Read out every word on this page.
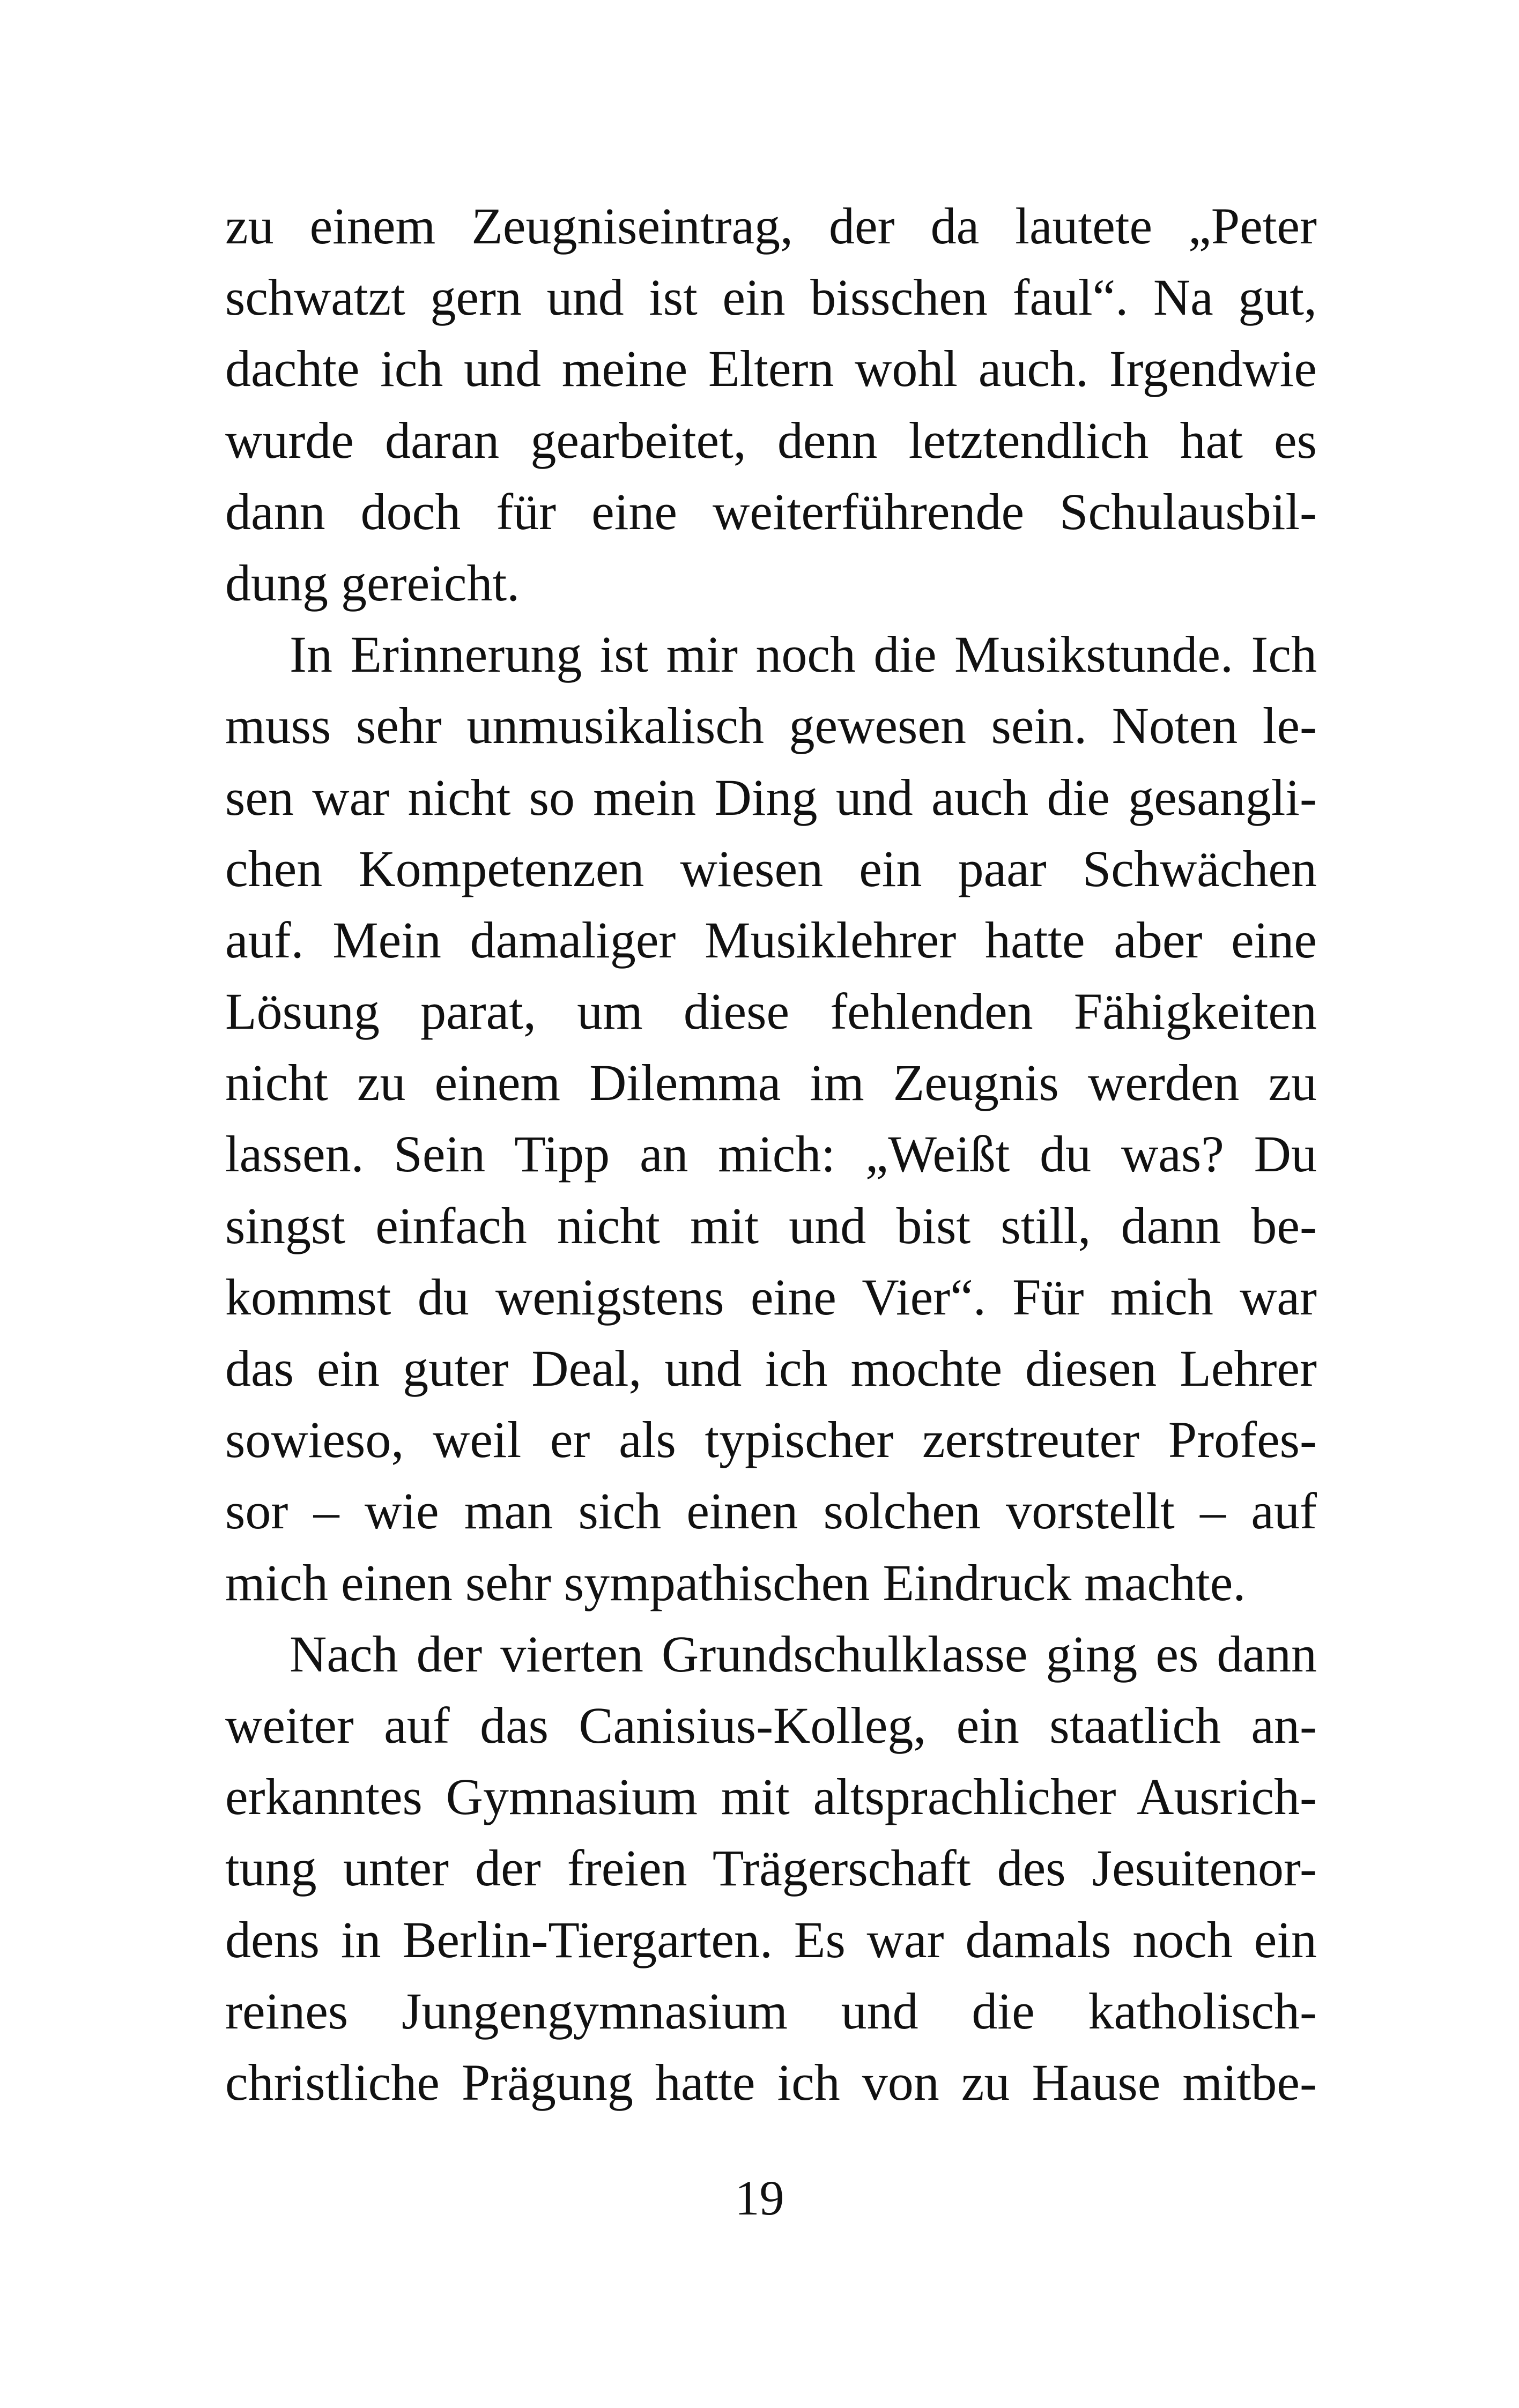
zu einem Zeugniseintrag, der da lautete „Peter
schwatzt gern und ist ein bisschen faul“. Na gut,
dachte ich und meine Eltern wohl auch. Irgendwie
wurde daran gearbeitet, denn letztendlich hat es
dann doch für eine weiterführende Schulausbil-
dung gereicht.
In Erinnerung ist mir noch die Musikstunde. Ich
muss sehr unmusikalisch gewesen sein. Noten le-
sen war nicht so mein Ding und auch die gesangli-
chen Kompetenzen wiesen ein paar Schwächen
auf. Mein damaliger Musiklehrer hatte aber eine
Lösung parat, um diese fehlenden Fähigkeiten
nicht zu einem Dilemma im Zeugnis werden zu
lassen. Sein Tipp an mich: „Weißt du was? Du
singst einfach nicht mit und bist still, dann be-
kommst du wenigstens eine Vier“. Für mich war
das ein guter Deal, und ich mochte diesen Lehrer
sowieso, weil er als typischer zerstreuter Profes-
sor – wie man sich einen solchen vorstellt – auf
mich einen sehr sympathischen Eindruck machte.
Nach der vierten Grundschulklasse ging es dann
weiter auf das Canisius-Kolleg, ein staatlich an-
erkanntes Gymnasium mit altsprachlicher Ausrich-
tung unter der freien Trägerschaft des Jesuitenor-
dens in Berlin-Tiergarten. Es war damals noch ein
reines Jungengymnasium und die katholisch-
christliche Prägung hatte ich von zu Hause mitbe-
19
